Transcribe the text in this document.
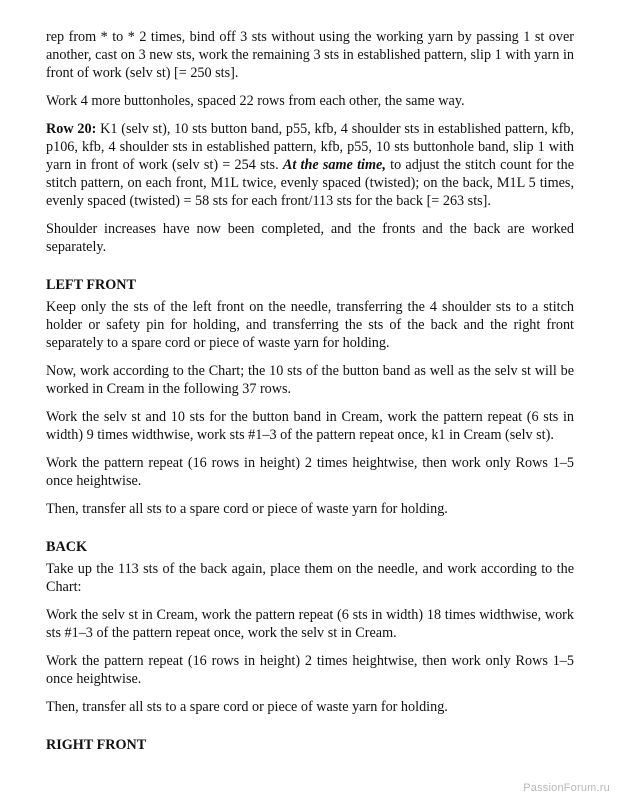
rep from * to * 2 times, bind off 3 sts without using the working yarn by passing 1 st over another, cast on 3 new sts, work the remaining 3 sts in established pattern, slip 1 with yarn in front of work (selv st) [= 250 sts].

Work 4 more buttonholes, spaced 22 rows from each other, the same way.

Row 20: K1 (selv st), 10 sts button band, p55, kfb, 4 shoulder sts in established pattern, kfb, p106, kfb, 4 shoulder sts in established pattern, kfb, p55, 10 sts buttonhole band, slip 1 with yarn in front of work (selv st) = 254 sts. At the same time, to adjust the stitch count for the stitch pattern, on each front, M1L twice, evenly spaced (twisted); on the back, M1L 5 times, evenly spaced (twisted) = 58 sts for each front/113 sts for the back [= 263 sts].

Shoulder increases have now been completed, and the fronts and the back are worked separately.

LEFT FRONT

Keep only the sts of the left front on the needle, transferring the 4 shoulder sts to a stitch holder or safety pin for holding, and transferring the sts of the back and the right front separately to a spare cord or piece of waste yarn for holding.

Now, work according to the Chart; the 10 sts of the button band as well as the selv st will be worked in Cream in the following 37 rows.

Work the selv st and 10 sts for the button band in Cream, work the pattern repeat (6 sts in width) 9 times widthwise, work sts #1–3 of the pattern repeat once, k1 in Cream (selv st).

Work the pattern repeat (16 rows in height) 2 times heightwise, then work only Rows 1–5 once heightwise.

Then, transfer all sts to a spare cord or piece of waste yarn for holding.

BACK

Take up the 113 sts of the back again, place them on the needle, and work according to the Chart:

Work the selv st in Cream, work the pattern repeat (6 sts in width) 18 times widthwise, work sts #1–3 of the pattern repeat once, work the selv st in Cream.

Work the pattern repeat (16 rows in height) 2 times heightwise, then work only Rows 1–5 once heightwise.

Then, transfer all sts to a spare cord or piece of waste yarn for holding.

RIGHT FRONT
PassionForum.ru
